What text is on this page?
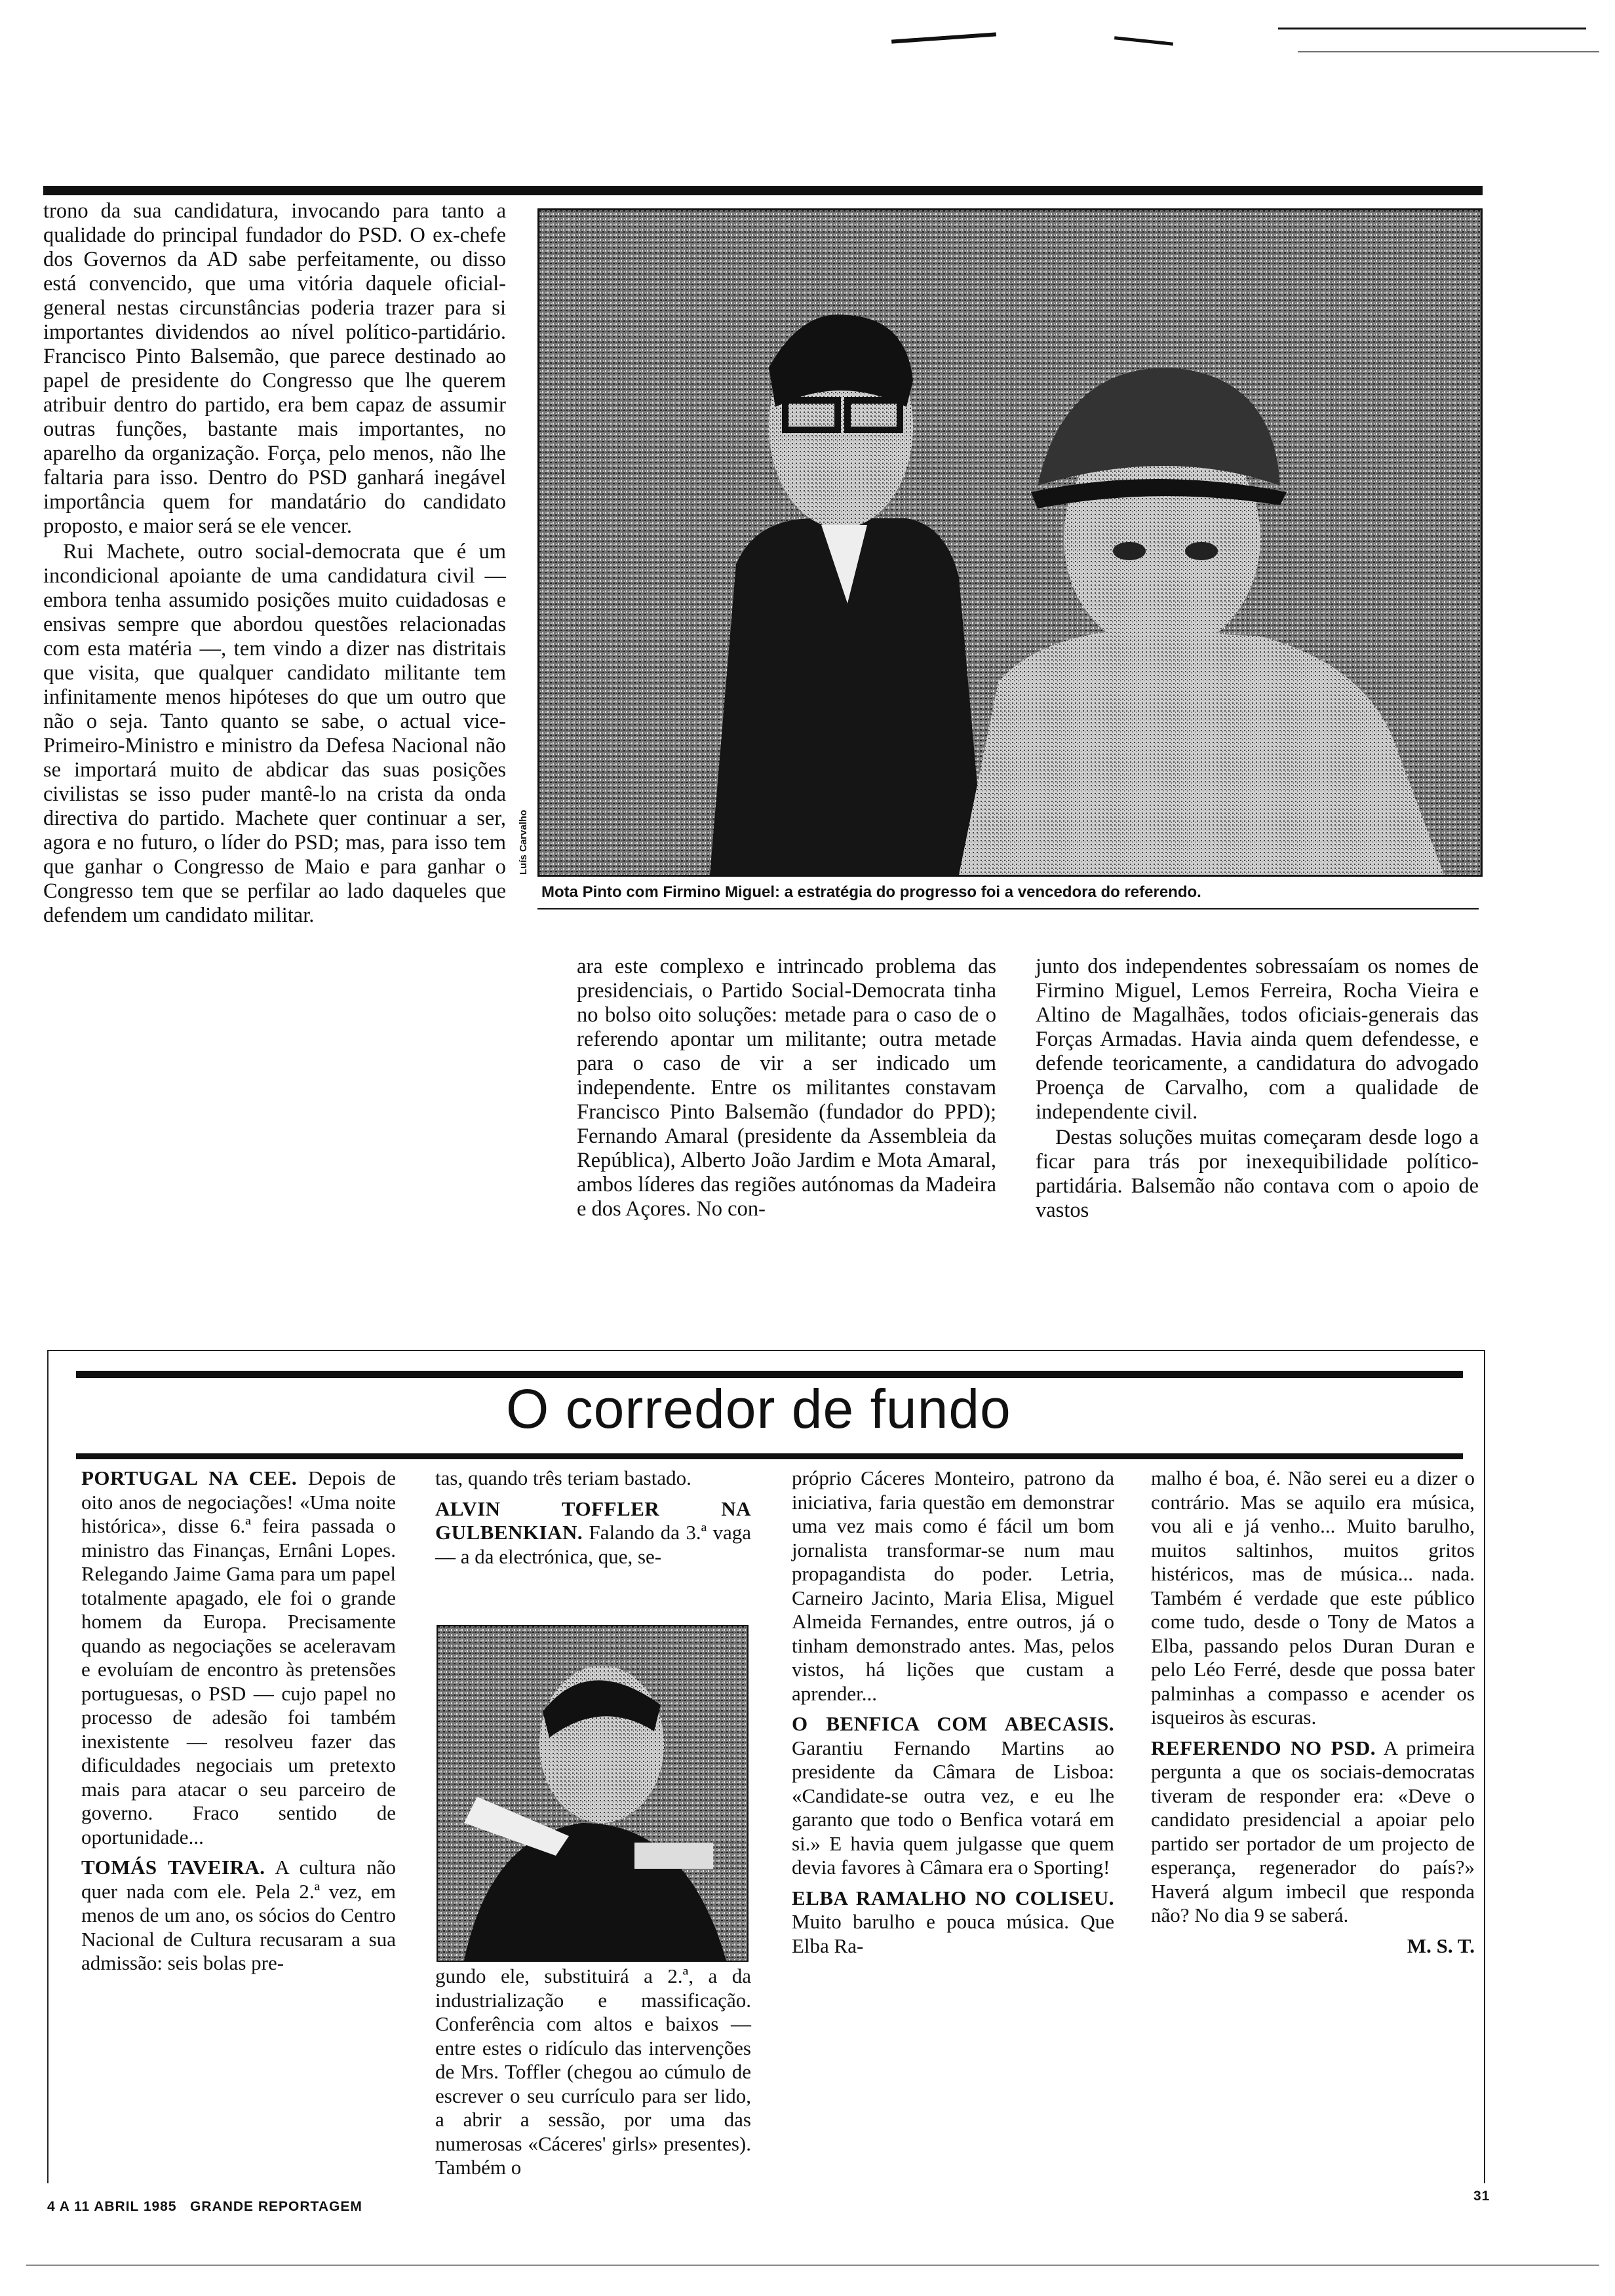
trono da sua candidatura, invocando para tanto a qualidade do principal fundador do PSD. O ex-chefe dos Governos da AD sabe perfeitamente, ou disso está convencido, que uma vitória daquele oficial-general nestas circunstâncias poderia trazer para si importantes dividendos ao nível político-partidário. Francisco Pinto Balsemão, que parece destinado ao papel de presidente do Congresso que lhe querem atribuir dentro do partido, era bem capaz de assumir outras funções, bastante mais importantes, no aparelho da organização. Força, pelo menos, não lhe faltaria para isso. Dentro do PSD ganhará inegável importância quem for mandatário do candidato proposto, e maior será se ele vencer.

Rui Machete, outro social-democrata que é um incondicional apoiante de uma candidatura civil — embora tenha assumido posições muito cuidadosas e ensivas sempre que abordou questões relacionadas com esta matéria —, tem vindo a dizer nas distritais que visita, que qualquer candidato militante tem infinitamente menos hipóteses do que um outro que não o seja. Tanto quanto se sabe, o actual vice-Primeiro-Ministro e ministro da Defesa Nacional não se importará muito de abdicar das suas posições civilistas se isso puder mantê-lo na crista da onda directiva do partido. Machete quer continuar a ser, agora e no futuro, o líder do PSD; mas, para isso tem que ganhar o Congresso de Maio e para ganhar o Congresso tem que se perfilar ao lado daqueles que defendem um candidato militar.

Luís Carvalho
Mota Pinto com Firmino Miguel: a estratégia do progresso foi a vencedora do referendo.

ara este complexo e intrincado problema das presidenciais, o Partido Social-Democrata tinha no bolso oito soluções: metade para o caso de o referendo apontar um militante; outra metade para o caso de vir a ser indicado um independente. Entre os militantes constavam Francisco Pinto Balsemão (fundador do PPD); Fernando Amaral (presidente da Assembleia da República), Alberto João Jardim e Mota Amaral, ambos líderes das regiões autónomas da Madeira e dos Açores. No con-

junto dos independentes sobressaíam os nomes de Firmino Miguel, Lemos Ferreira, Rocha Vieira e Altino de Magalhães, todos oficiais-generais das Forças Armadas. Havia ainda quem defendesse, e defende teoricamente, a candidatura do advogado Proença de Carvalho, com a qualidade de independente civil.

Destas soluções muitas começaram desde logo a ficar para trás por inexequibilidade político-partidária. Balsemão não contava com o apoio de vastos

O corredor de fundo

PORTUGAL NA CEE. Depois de oito anos de negociações! «Uma noite histórica», disse 6.ª feira passada o ministro das Finanças, Ernâni Lopes. Relegando Jaime Gama para um papel totalmente apagado, ele foi o grande homem da Europa. Precisamente quando as negociações se aceleravam e evoluíam de encontro às pretensões portuguesas, o PSD — cujo papel no processo de adesão foi também inexistente — resolveu fazer das dificuldades negociais um pretexto mais para atacar o seu parceiro de governo. Fraco sentido de oportunidade...

TOMÁS TAVEIRA. A cultura não quer nada com ele. Pela 2.ª vez, em menos de um ano, os sócios do Centro Nacional de Cultura recusaram a sua admissão: seis bolas pre-

tas, quando três teriam bastado.

ALVIN TOFFLER NA GULBENKIAN. Falando da 3.ª vaga — a da electrónica, que, se-

gundo ele, substituirá a 2.ª, a da industrialização e massificação. Conferência com altos e baixos — entre estes o ridículo das intervenções de Mrs. Toffler (chegou ao cúmulo de escrever o seu currículo para ser lido, a abrir a sessão, por uma das numerosas «Cáceres' girls» presentes). Também o

próprio Cáceres Monteiro, patrono da iniciativa, faria questão em demonstrar uma vez mais como é fácil um bom jornalista transformar-se num mau propagandista do poder. Letria, Carneiro Jacinto, Maria Elisa, Miguel Almeida Fernandes, entre outros, já o tinham demonstrado antes. Mas, pelos vistos, há lições que custam a aprender...

O BENFICA COM ABECASIS. Garantiu Fernando Martins ao presidente da Câmara de Lisboa: «Candidate-se outra vez, e eu lhe garanto que todo o Benfica votará em si.» E havia quem julgasse que quem devia favores à Câmara era o Sporting!

ELBA RAMALHO NO COLISEU. Muito barulho e pouca música. Que Elba Ra-

malho é boa, é. Não serei eu a dizer o contrário. Mas se aquilo era música, vou ali e já venho... Muito barulho, muitos saltinhos, muitos gritos histéricos, mas de música... nada. Também é verdade que este público come tudo, desde o Tony de Matos a Elba, passando pelos Duran Duran e pelo Léo Ferré, desde que possa bater palminhas a compasso e acender os isqueiros às escuras.

REFERENDO NO PSD. A primeira pergunta a que os sociais-democratas tiveram de responder era: «Deve o candidato presidencial a apoiar pelo partido ser portador de um projecto de esperança, regenerador do país?» Haverá algum imbecil que responda não? No dia 9 se saberá.

M. S. T.

4 A 11 ABRIL 1985   GRANDE REPORTAGEM
31
